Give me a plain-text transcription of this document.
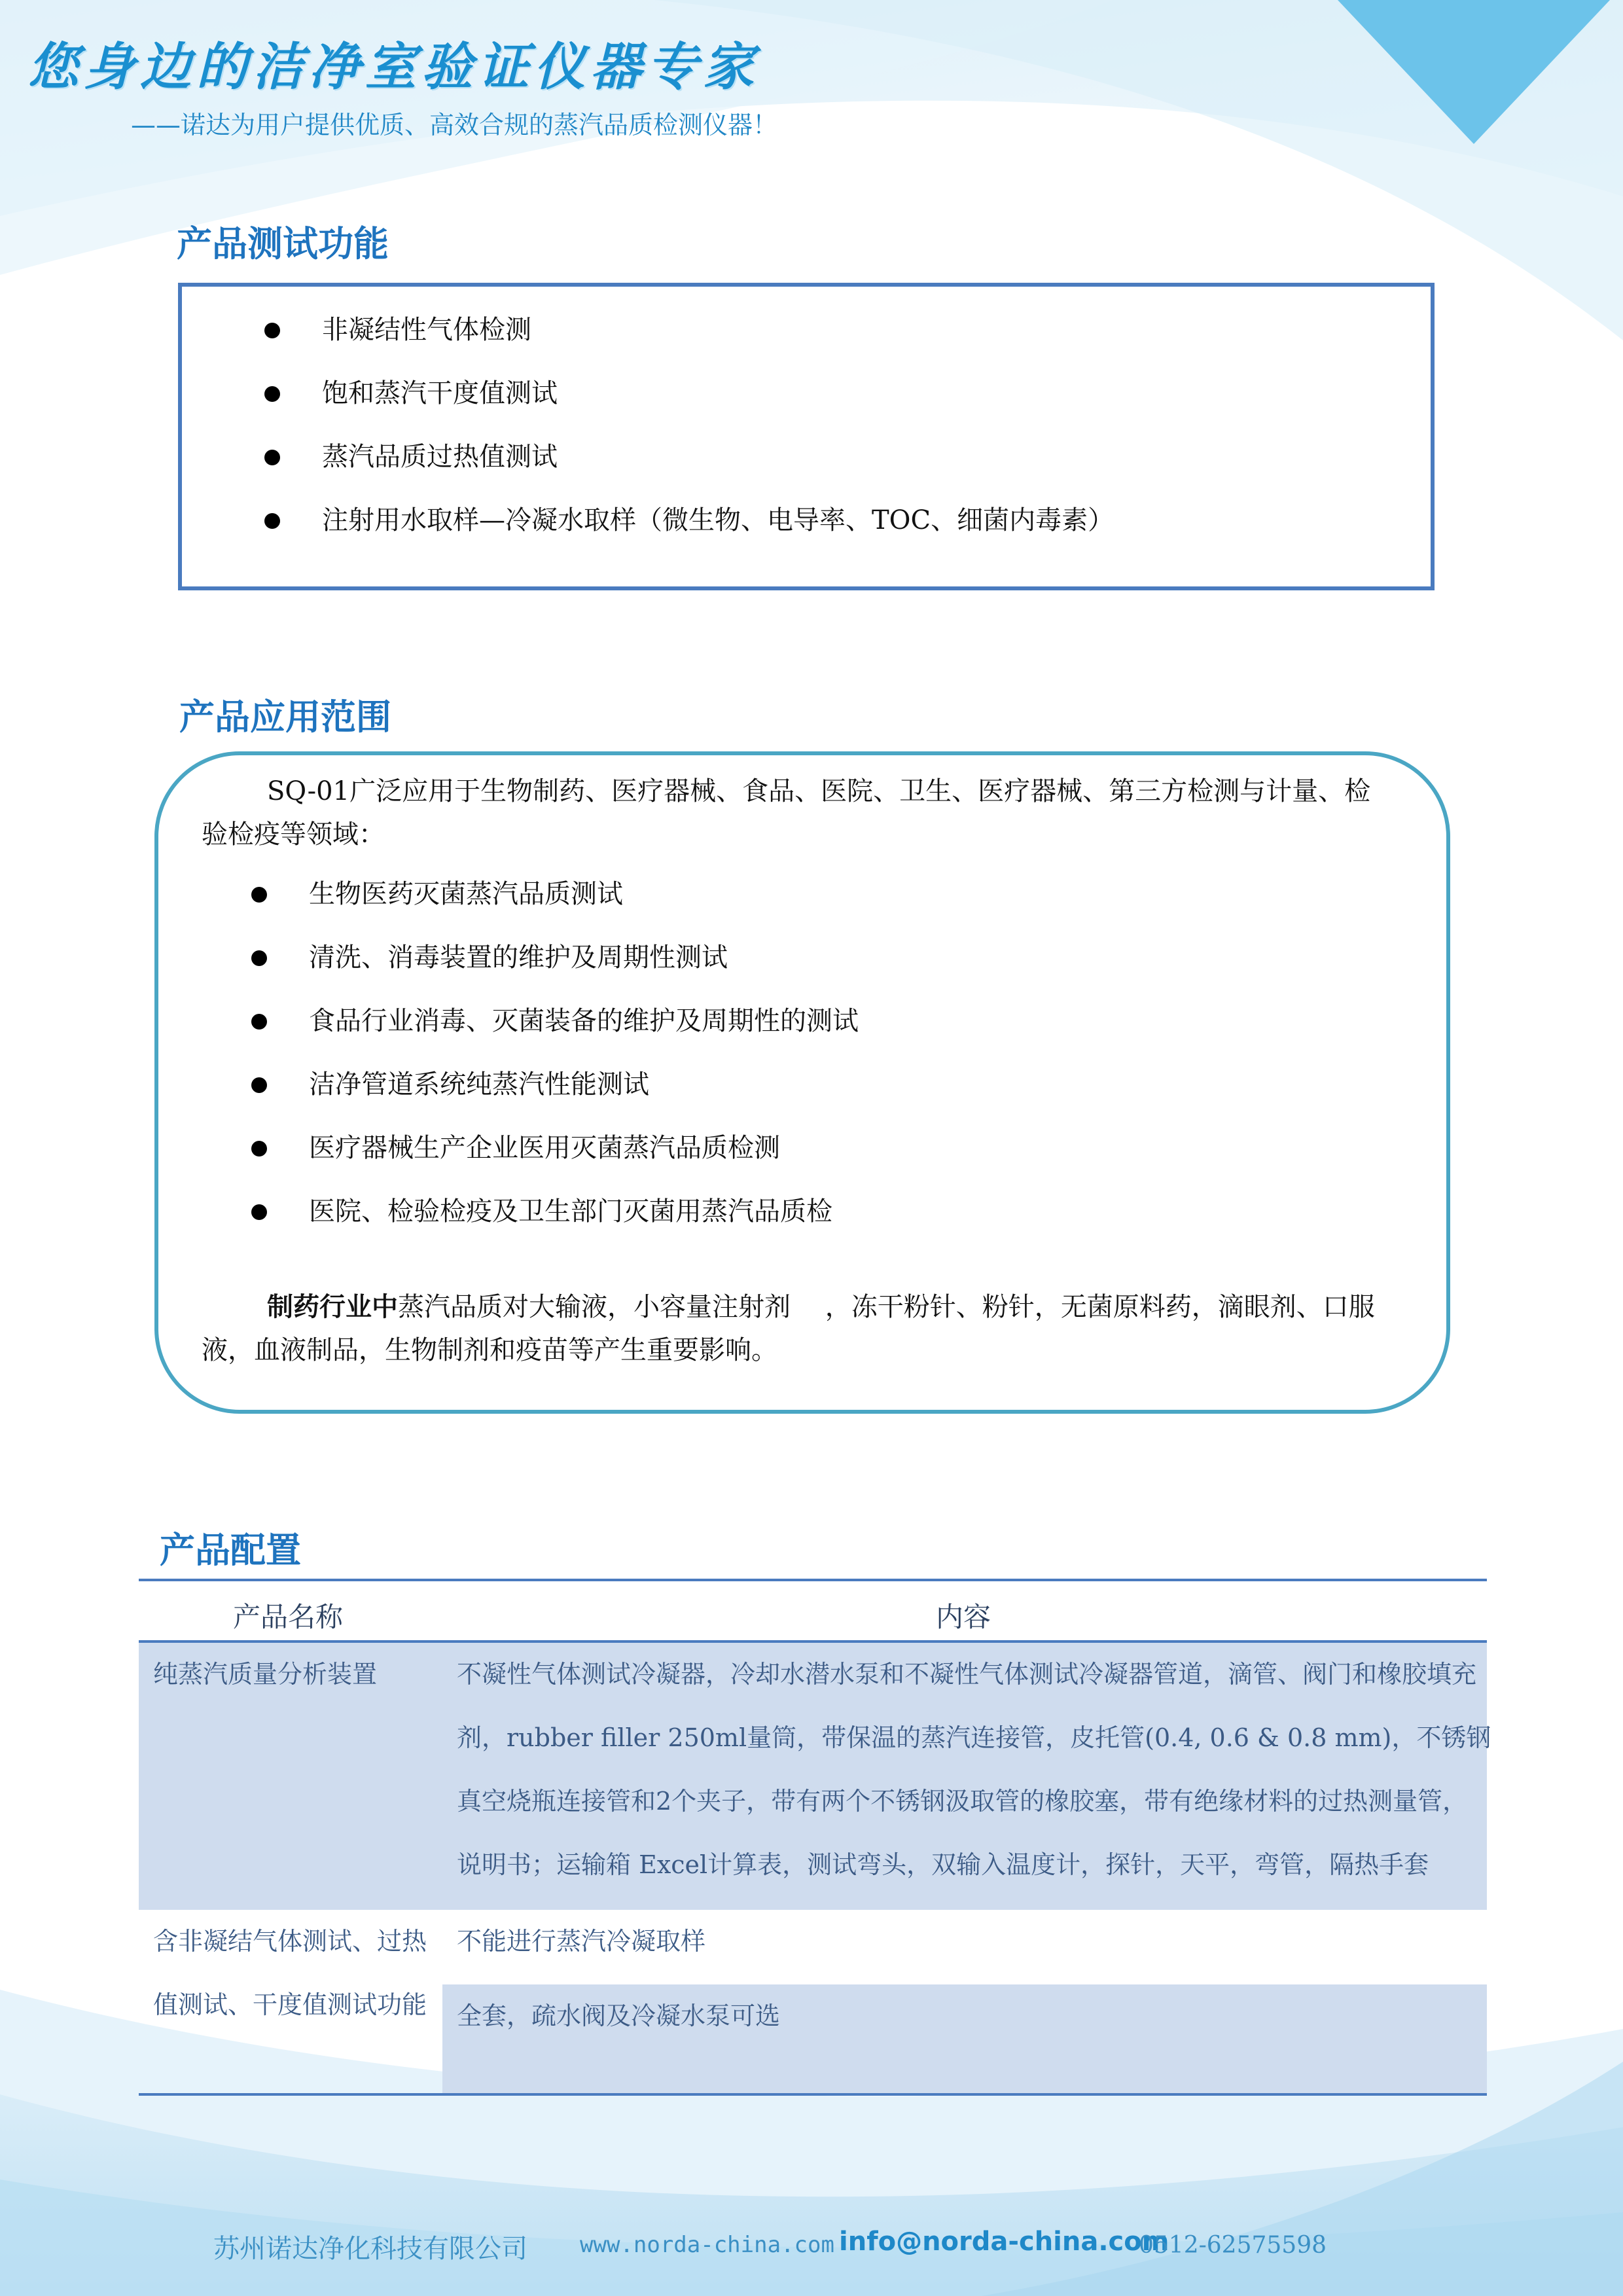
您身边的洁净室验证仪器专家
——诺达为用户提供优质、高效合规的蒸汽品质检测仪器！
产品测试功能
非凝结性气体检测
饱和蒸汽干度值测试
蒸汽品质过热值测试
注射用水取样—冷凝水取样（微生物、电导率、TOC、细菌内毒素）
产品应用范围
SQ-01广泛应用于生物制药、医疗器械、食品、医院、卫生、医疗器械、第三方检测与计量、检验检疫等领域：
生物医药灭菌蒸汽品质测试
清洗、消毒装置的维护及周期性测试
食品行业消毒、灭菌装备的维护及周期性的测试
洁净管道系统纯蒸汽性能测试
医疗器械生产企业医用灭菌蒸汽品质检测
医院、检验检疫及卫生部门灭菌用蒸汽品质检
制药行业中蒸汽品质对大输液，小容量注射剂　 ，冻干粉针、粉针，无菌原料药，滴眼剂、口服液，血液制品，生物制剂和疫苗等产生重要影响。
产品配置
产品名称	内容
纯蒸汽质量分析装置	不凝性气体测试冷凝器，冷却水潜水泵和不凝性气体测试冷凝器管道，滴管、阀门和橡胶填充
剂，rubber filler 250ml量筒，带保温的蒸汽连接管，皮托管(0.4, 0.6 & 0.8 mm)，不锈钢
真空烧瓶连接管和2个夹子，带有两个不锈钢汲取管的橡胶塞，带有绝缘材料的过热测量管，
说明书；运输箱 Excel计算表，测试弯头，双输入温度计，探针，天平，弯管，隔热手套
含非凝结气体测试、过热
值测试、干度值测试功能
不能进行蒸汽冷凝取样
全套，疏水阀及冷凝水泵可选
苏州诺达净化科技有限公司 www.norda-china.com info@norda-china.com
0512-62575598
